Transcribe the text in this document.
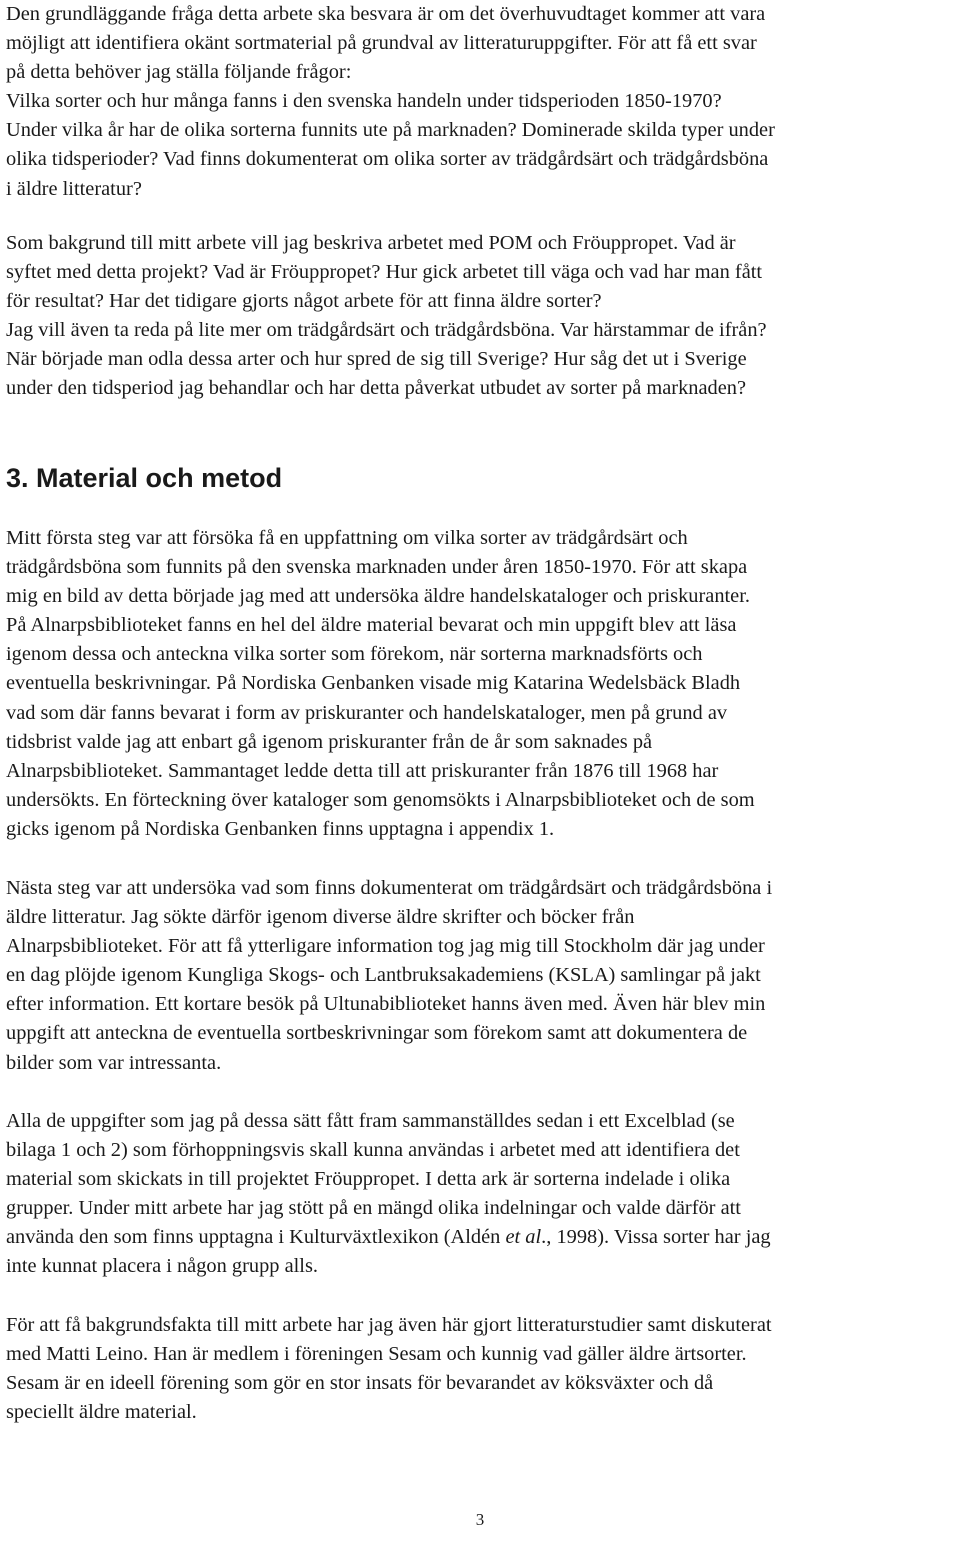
Den grundläggande fråga detta arbete ska besvara är om det överhuvudtaget kommer att vara
möjligt att identifiera okänt sortmaterial på grundval av litteraturuppgifter. För att få ett svar
på detta behöver jag ställa följande frågor:
Vilka sorter och hur många fanns i den svenska handeln under tidsperioden 1850-1970?
Under vilka år har de olika sorterna funnits ute på marknaden? Dominerade skilda typer under
olika tidsperioder? Vad finns dokumenterat om olika sorter av trädgårdsärt och trädgårdsböna
i äldre litteratur?

Som bakgrund till mitt arbete vill jag beskriva arbetet med POM och Fröuppropet. Vad är
syftet med detta projekt? Vad är Fröuppropet? Hur gick arbetet till väga och vad har man fått
för resultat? Har det tidigare gjorts något arbete för att finna äldre sorter?
Jag vill även ta reda på lite mer om trädgårdsärt och trädgårdsböna. Var härstammar de ifrån?
När började man odla dessa arter och hur spred de sig till Sverige? Hur såg det ut i Sverige
under den tidsperiod jag behandlar och har detta påverkat utbudet av sorter på marknaden?

3. Material och metod

Mitt första steg var att försöka få en uppfattning om vilka sorter av trädgårdsärt och
trädgårdsböna som funnits på den svenska marknaden under åren 1850-1970. För att skapa
mig en bild av detta började jag med att undersöka äldre handelskataloger och priskuranter.
På Alnarpsbiblioteket fanns en hel del äldre material bevarat och min uppgift blev att läsa
igenom dessa och anteckna vilka sorter som förekom, när sorterna marknadsförts och
eventuella beskrivningar. På Nordiska Genbanken visade mig Katarina Wedelsbäck Bladh
vad som där fanns bevarat i form av priskuranter och handelskataloger, men på grund av
tidsbrist valde jag att enbart gå igenom priskuranter från de år som saknades på
Alnarpsbiblioteket. Sammantaget ledde detta till att priskuranter från 1876 till 1968 har
undersökts. En förteckning över kataloger som genomsökts i Alnarpsbiblioteket och de som
gicks igenom på Nordiska Genbanken finns upptagna i appendix 1.

Nästa steg var att undersöka vad som finns dokumenterat om trädgårdsärt och trädgårdsböna i
äldre litteratur. Jag sökte därför igenom diverse äldre skrifter och böcker från
Alnarpsbiblioteket. För att få ytterligare information tog jag mig till Stockholm där jag under
en dag plöjde igenom Kungliga Skogs- och Lantbruksakademiens (KSLA) samlingar på jakt
efter information. Ett kortare besök på Ultunabiblioteket hanns även med. Även här blev min
uppgift att anteckna de eventuella sortbeskrivningar som förekom samt att dokumentera de
bilder som var intressanta.

Alla de uppgifter som jag på dessa sätt fått fram sammanställdes sedan i ett Excelblad (se
bilaga 1 och 2) som förhoppningsvis skall kunna användas i arbetet med att identifiera det
material som skickats in till projektet Fröuppropet. I detta ark är sorterna indelade i olika
grupper. Under mitt arbete har jag stött på en mängd olika indelningar och valde därför att
använda den som finns upptagna i Kulturväxtlexikon (Aldén et al., 1998). Vissa sorter har jag
inte kunnat placera i någon grupp alls.

För att få bakgrundsfakta till mitt arbete har jag även här gjort litteraturstudier samt diskuterat
med Matti Leino. Han är medlem i föreningen Sesam och kunnig vad gäller äldre ärtsorter.
Sesam är en ideell förening som gör en stor insats för bevarandet av köksväxter och då
speciellt äldre material.

3
